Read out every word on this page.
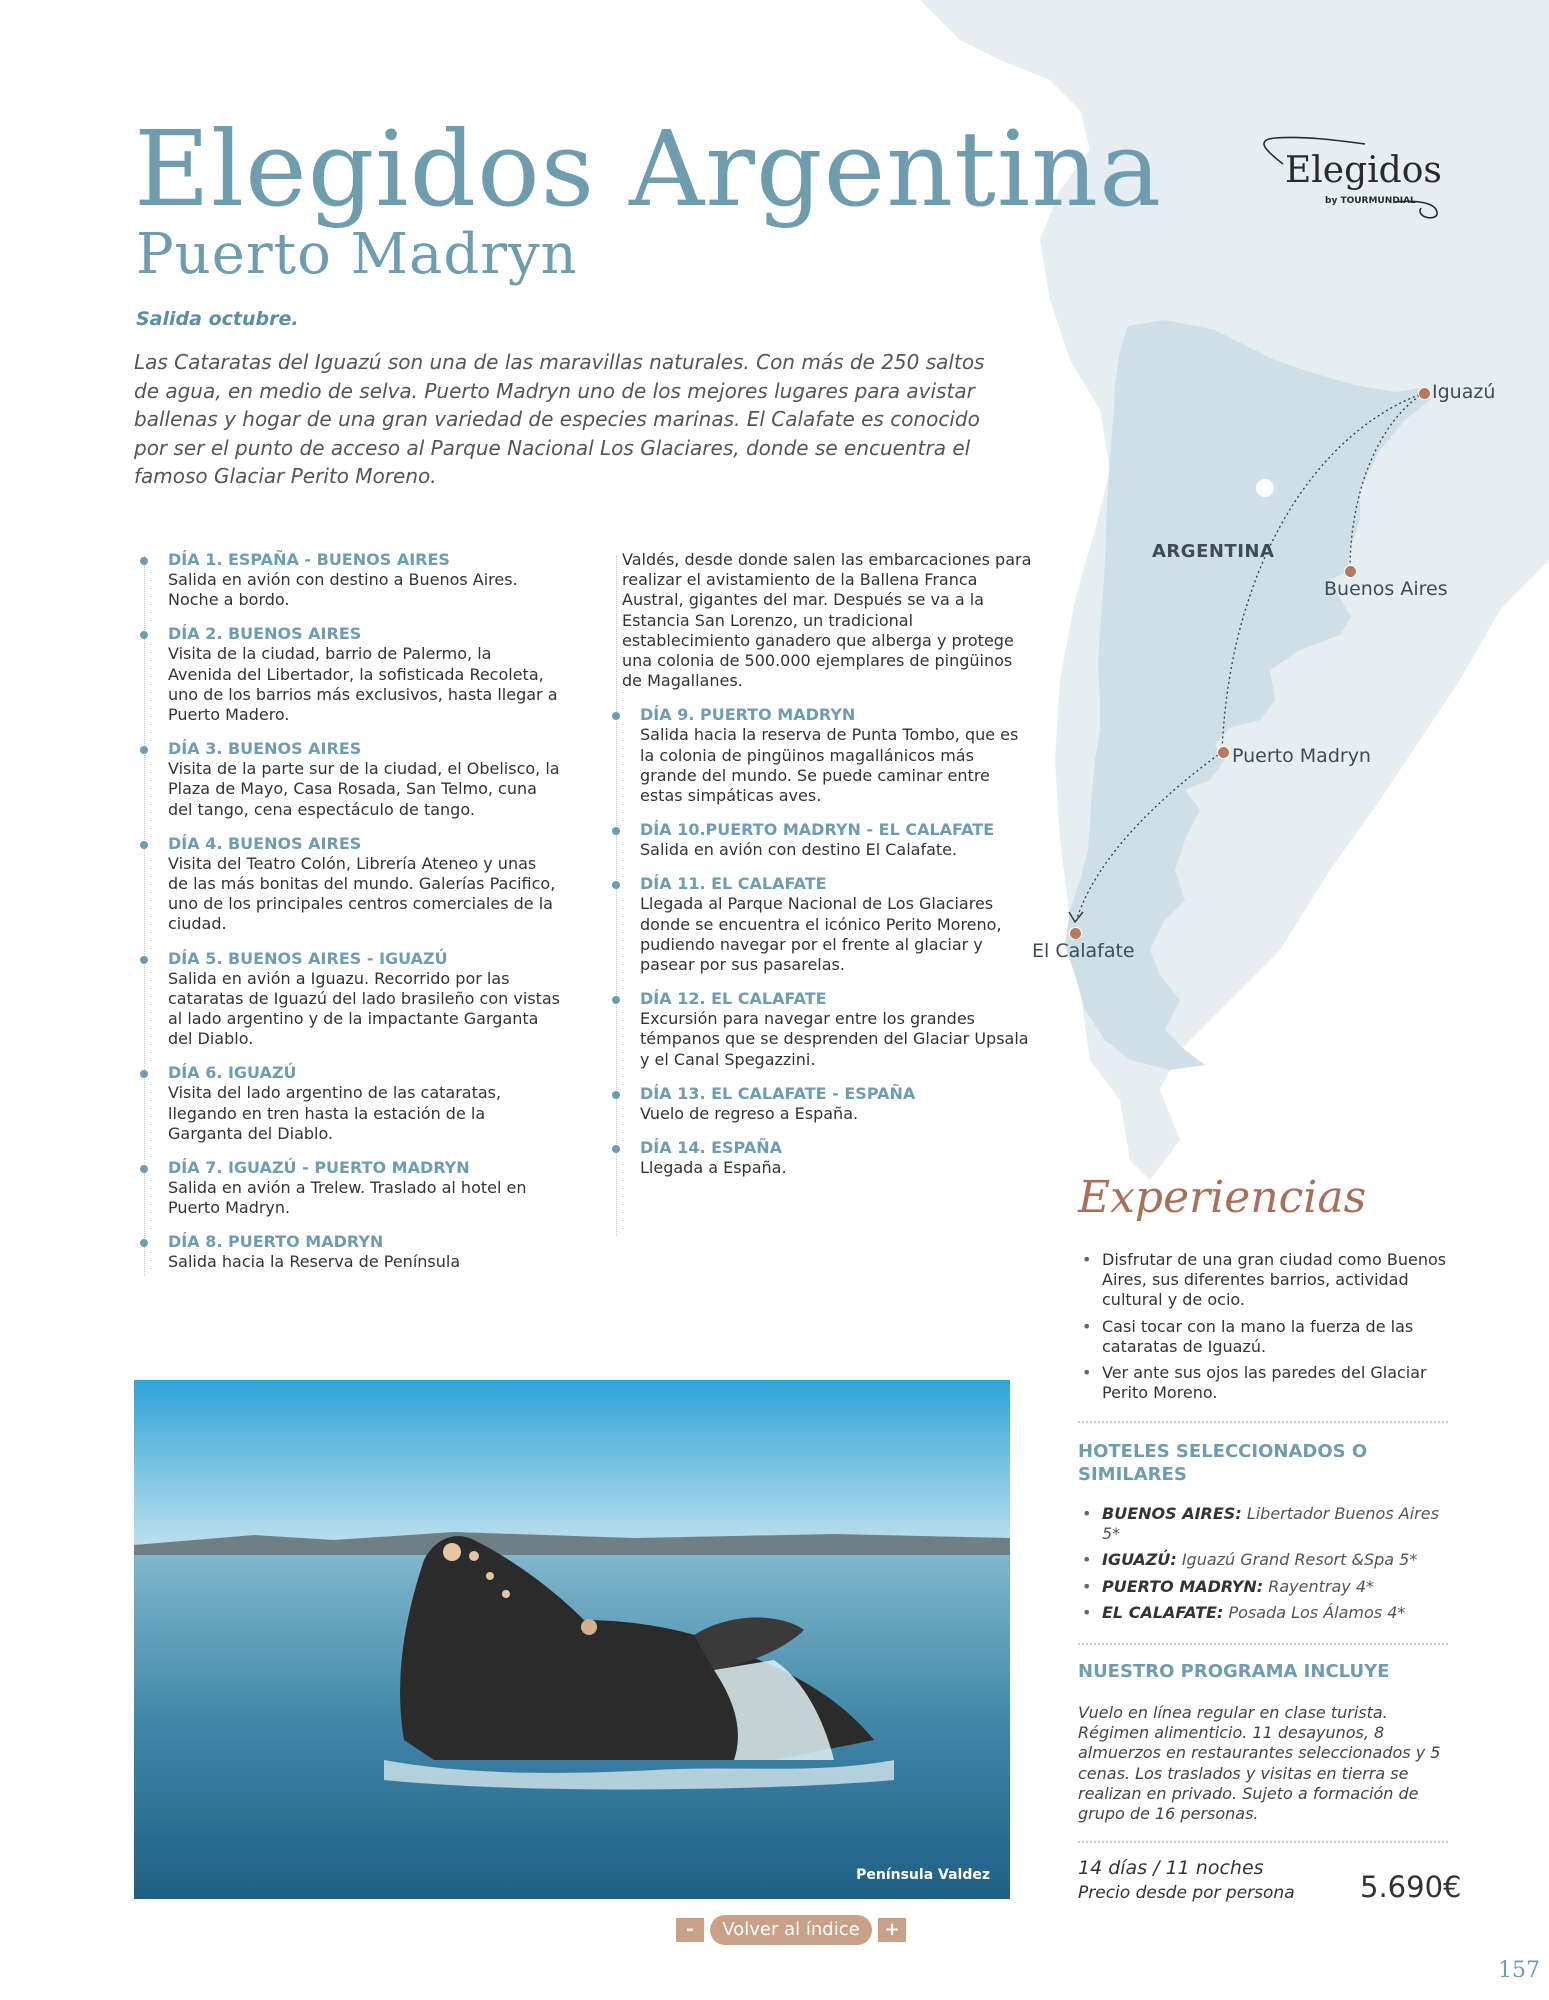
ARGENTINA
Iguazú
Buenos Aires
Puerto Madryn
El Calafate
Elegidos
by TOURMUNDIAL
Elegidos Argentina
Puerto Madryn
Salida octubre.

Las Cataratas del Iguazú son una de las maravillas naturales. Con más de 250 saltos de agua, en medio de selva. Puerto Madryn uno de los mejores lugares para avistar ballenas y hogar de una gran variedad de especies marinas. El Calafate es conocido por ser el punto de acceso al Parque Nacional Los Glaciares, donde se encuentra el famoso Glaciar Perito Moreno.

DÍA 1. ESPAÑA - BUENOS AIRES
Salida en avión con destino a Buenos Aires. Noche a bordo.
DÍA 2. BUENOS AIRES
Visita de la ciudad, barrio de Palermo, la Avenida del Libertador, la sofisticada Recoleta, uno de los barrios más exclusivos, hasta llegar a Puerto Madero.
DÍA 3. BUENOS AIRES
Visita de la parte sur de la ciudad, el Obelisco, la Plaza de Mayo, Casa Rosada, San Telmo, cuna del tango, cena espectáculo de tango.
DÍA 4. BUENOS AIRES
Visita del Teatro Colón, Librería Ateneo y unas de las más bonitas del mundo. Galerías Pacifico, uno de los principales centros comerciales de la ciudad.
DÍA 5. BUENOS AIRES - IGUAZÚ
Salida en avión a Iguazu. Recorrido por las cataratas de Iguazú del lado brasileño con vistas al lado argentino y de la impactante Garganta del Diablo.
DÍA 6. IGUAZÚ
Visita del lado argentino de las cataratas, llegando en tren hasta la estación de la Garganta del Diablo.
DÍA 7. IGUAZÚ - PUERTO MADRYN
Salida en avión a Trelew. Traslado al hotel en Puerto Madryn.
DÍA 8. PUERTO MADRYN
Salida hacia la Reserva de Península
Valdés, desde donde salen las embarcaciones para realizar el avistamiento de la Ballena Franca Austral, gigantes del mar. Después se va a la Estancia San Lorenzo, un tradicional establecimiento ganadero que alberga y protege una colonia de 500.000 ejemplares de pingüinos de Magallanes.
DÍA 9. PUERTO MADRYN
Salida hacia la reserva de Punta Tombo, que es la colonia de pingüinos magallánicos más grande del mundo. Se puede caminar entre estas simpáticas aves.
DÍA 10.PUERTO MADRYN - EL CALAFATE
Salida en avión con destino El Calafate.
DÍA 11. EL CALAFATE
Llegada al Parque Nacional de Los Glaciares donde se encuentra el icónico Perito Moreno, pudiendo navegar por el frente al glaciar y pasear por sus pasarelas.
DÍA 12. EL CALAFATE
Excursión para navegar entre los grandes témpanos que se desprenden del Glaciar Upsala y el Canal Spegazzini.
DÍA 13. EL CALAFATE - ESPAÑA
Vuelo de regreso a España.
DÍA 14. ESPAÑA
Llegada a España.
Península Valdez
Experiencias
• Disfrutar de una gran ciudad como Buenos Aires, sus diferentes barrios, actividad cultural y de ocio.
• Casi tocar con la mano la fuerza de las cataratas de Iguazú.
• Ver ante sus ojos las paredes del Glaciar Perito Moreno.
HOTELES SELECCIONADOS O SIMILARES
• BUENOS AIRES: Libertador Buenos Aires 5*
• IGUAZÚ: Iguazú Grand Resort &Spa 5*
• PUERTO MADRYN: Rayentray 4*
• EL CALAFATE: Posada Los Álamos 4*
NUESTRO PROGRAMA INCLUYE

Vuelo en línea regular en clase turista. Régimen alimenticio. 11 desayunos, 8 almuerzos en restaurantes seleccionados y 5 cenas. Los traslados y visitas en tierra se realizan en privado. Sujeto a formación de grupo de 16 personas.

14 días / 11 noches
Precio desde por persona 5.690€
-	Volver al índice	+
157
